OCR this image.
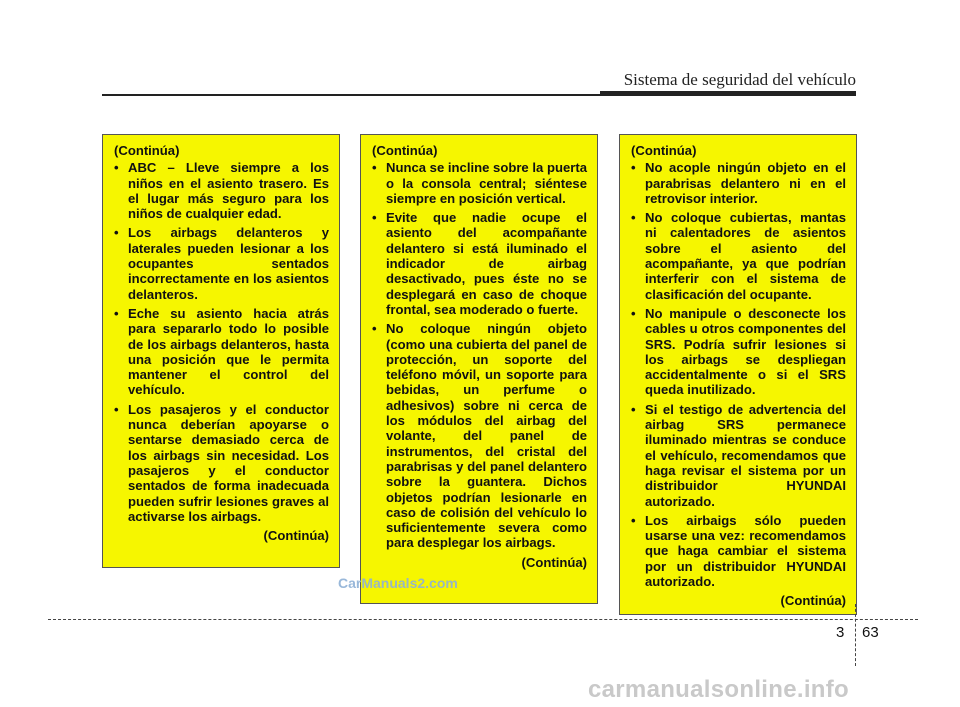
Sistema de seguridad del vehículo
(Continúa)
• ABC – Lleve siempre a los niños en el asiento trasero. Es el lugar más seguro para los niños de cualquier edad.
• Los airbags delanteros y laterales pueden lesionar a los ocupantes sentados incorrectamente en los asientos delanteros.
• Eche su asiento hacia atrás para separarlo todo lo posible de los airbags delanteros, hasta una posición que le permita mantener el control del vehículo.
• Los pasajeros y el conductor nunca deberían apoyarse o sentarse demasiado cerca de los airbags sin necesidad. Los pasajeros y el conductor sentados de forma inadecuada pueden sufrir lesiones graves al activarse los airbags.
(Continúa)
(Continúa)
• Nunca se incline sobre la puerta o la consola central; siéntese siempre en posición vertical.
• Evite que nadie ocupe el asiento del acompañante delantero si está iluminado el indicador de airbag desactivado, pues éste no se desplegará en caso de choque frontal, sea moderado o fuerte.
• No coloque ningún objeto (como una cubierta del panel de protección, un soporte del teléfono móvil, un soporte para bebidas, un perfume o adhesivos) sobre ni cerca de los módulos del airbag del volante, del panel de instrumentos, del cristal del parabrisas y del panel delantero sobre la guantera. Dichos objetos podrían lesionarle en caso de colisión del vehículo lo suficientemente severa como para desplegar los airbags.
(Continúa)
(Continúa)
• No acople ningún objeto en el parabrisas delantero ni en el retrovisor interior.
• No coloque cubiertas, mantas ni calentadores de asientos sobre el asiento del acompañante, ya que podrían interferir con el sistema de clasificación del ocupante.
• No manipule o desconecte los cables u otros componentes del SRS. Podría sufrir lesiones si los airbags se despliegan accidentalmente o si el SRS queda inutilizado.
• Si el testigo de advertencia del airbag SRS permanece iluminado mientras se conduce el vehículo, recomendamos que haga revisar el sistema por un distribuidor HYUNDAI autorizado.
• Los airbaigs sólo pueden usarse una vez: recomendamos que haga cambiar el sistema por un distribuidor HYUNDAI autorizado.
(Continúa)
CarManuals2.com
3 63
carmanualsonline.info
